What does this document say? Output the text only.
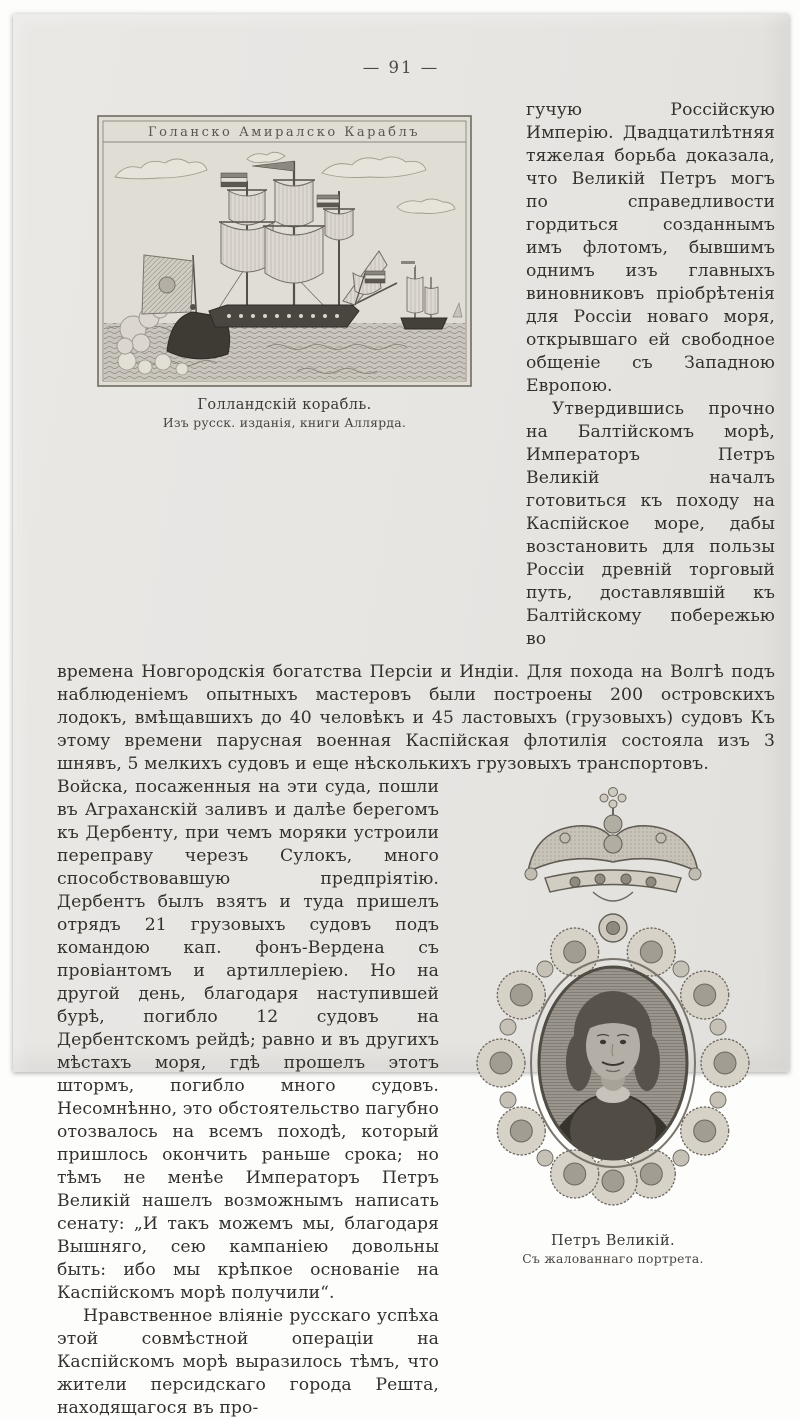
— 91 —
Голанско Амиралско Караблъ
Голландскій корабль.
Изъ русск. изданія, книги Аллярда.

гучую Россійскую Имперію. Двадцатилѣтняя тяжелая борьба доказала, что Великій Петръ могъ по справедливости гордиться созданнымъ имъ флотомъ, бывшимъ однимъ изъ главныхъ виновниковъ пріобрѣтенія для Россіи новаго моря, открывшаго ей свободное общеніе съ Западною Европою.

Утвердившись прочно на Балтійскомъ морѣ, Императоръ Петръ Великій началъ готовиться къ походу на Каспійское море, дабы возстановить для пользы Россіи древній торговый путь, доставлявшій къ Балтійскому побережью во

времена Новгородскія богатства Персіи и Индіи. Для похода на Волгѣ подъ наблюденіемъ опытныхъ мастеровъ были построены 200 островскихъ лодокъ, вмѣщавшихъ до 40 человѣкъ и 45 ластовыхъ (грузовыхъ) судовъ Къ этому времени парусная военная Каспійская флотилія состояла изъ 3 шнявъ, 5 мелкихъ судовъ и еще нѣсколькихъ грузовыхъ транспортовъ.

Войска, посаженныя на эти суда, пошли въ Аграханскій заливъ и далѣе берегомъ къ Дербенту, при чемъ моряки устроили переправу черезъ Сулокъ, много способствовавшую предпріятію. Дербентъ былъ взятъ и туда пришелъ отрядъ 21 грузовыхъ судовъ подъ командою кап. фонъ-Вердена съ провіантомъ и артиллеріею. Но на другой день, благодаря наступившей бурѣ, погибло 12 судовъ на Дербентскомъ рейдѣ; равно и въ другихъ мѣстахъ моря, гдѣ прошелъ этотъ штормъ, погибло много судовъ. Несомнѣнно, это обстоятельство пагубно отозвалось на всемъ походѣ, который пришлось окончить раньше срока; но тѣмъ не менѣе Императоръ Петръ Великій нашелъ возможнымъ написать сенату: „И такъ можемъ мы, благодаря Вышняго, сею кампаніею довольны быть: ибо мы крѣпкое основаніе на Каспійскомъ морѣ получили“.

Нравственное вліяніе русскаго успѣха этой совмѣстной операціи на Каспійскомъ морѣ выразилось тѣмъ, что жители персидскаго города Решта, находящагося въ про-

Петръ Великій.
Съ жалованнаго портрета.
